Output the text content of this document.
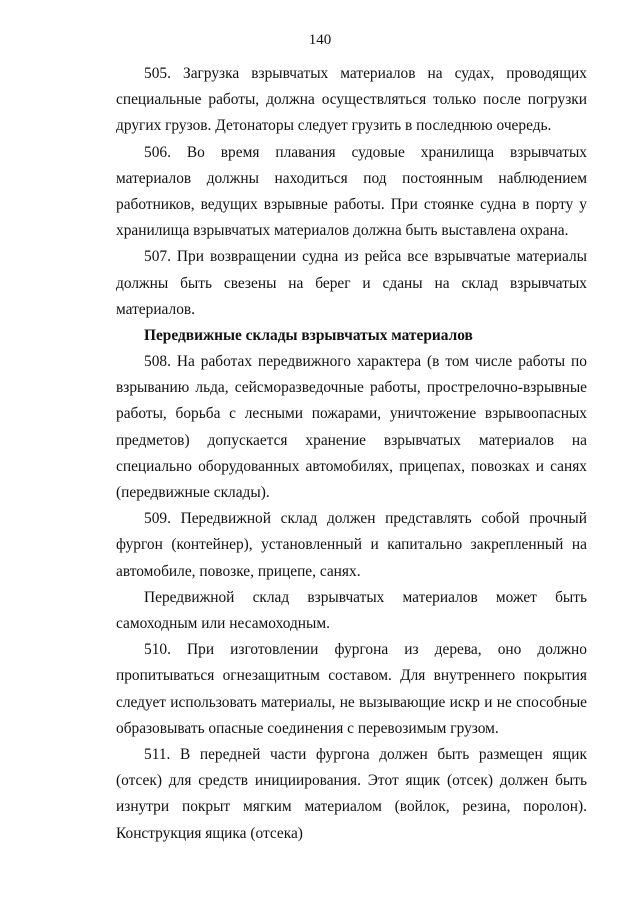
140

505. Загрузка взрывчатых материалов на судах, проводящих специальные работы, должна осуществляться только после погрузки других грузов. Детонаторы следует грузить в последнюю очередь.

506. Во время плавания судовые хранилища взрывчатых материалов должны находиться под постоянным наблюдением работников, ведущих взрывные работы. При стоянке судна в порту у хранилища взрывчатых материалов должна быть выставлена охрана.

507. При возвращении судна из рейса все взрывчатые материалы должны быть свезены на берег и сданы на склад взрывчатых материалов.

Передвижные склады взрывчатых материалов

508. На работах передвижного характера (в том числе работы по взрыванию льда, сейсморазведочные работы, прострелочно-взрывные работы, борьба с лесными пожарами, уничтожение взрывоопасных предметов) допускается хранение взрывчатых материалов на специально оборудованных автомобилях, прицепах, повозках и санях (передвижные склады).

509. Передвижной склад должен представлять собой прочный фургон (контейнер), установленный и капитально закрепленный на автомобиле, повозке, прицепе, санях.

Передвижной склад взрывчатых материалов может быть самоходным или несамоходным.

510. При изготовлении фургона из дерева, оно должно пропитываться огнезащитным составом. Для внутреннего покрытия следует использовать материалы, не вызывающие искр и не способные образовывать опасные соединения с перевозимым грузом.

511. В передней части фургона должен быть размещен ящик (отсек) для средств инициирования. Этот ящик (отсек) должен быть изнутри покрыт мягким материалом (войлок, резина, поролон). Конструкция ящика (отсека)
